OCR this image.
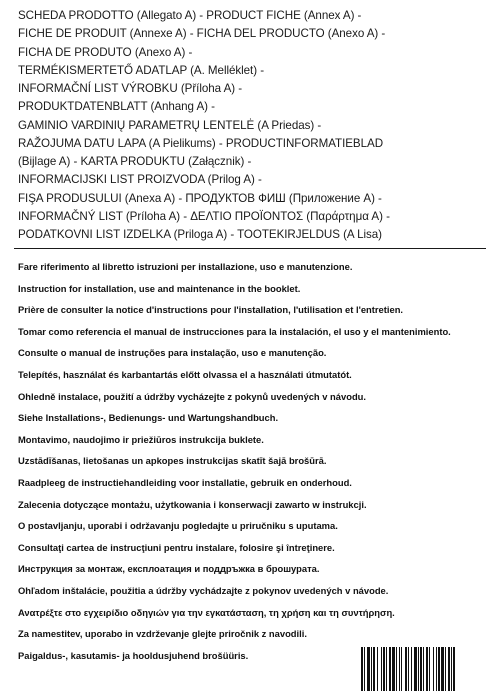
SCHEDA PRODOTTO (Allegato A) - PRODUCT FICHE (Annex A) -
FICHE DE PRODUIT (Annexe A) - FICHA DEL PRODUCTO (Anexo A) -
FICHA DE PRODUTO (Anexo A) -
TERMÉKISMERTETŐ ADATLAP (A. Melléklet) -
INFORMAČNÍ LIST VÝROBKU (Příloha A) -
PRODUKTDATENBLATT (Anhang A) -
GAMINIO VARDINIŲ PARAMETRŲ LENTELĖ (A Priedas) -
RAŽOJUMA DATU LAPA (A Pielikums) - PRODUCTINFORMATIEBLAD
(Bijlage A) - KARTA PRODUKTU (Załącznik) -
INFORMACIJSKI LIST PROIZVODA (Prilog A) -
FIŞA PRODUSULUI (Anexa A) - ПРОДУКТОВ ФИШ (Приложение А) -
INFORMAČNÝ LIST (Príloha A) - ΔΕΛΤΙΟ ΠΡΟΪΟΝΤΟΣ (Παράρτημα Α) -
PODATKOVNI LIST IZDELKA (Priloga A) - TOOTEKIRJELDUS (A Lisa)
Fare riferimento al libretto istruzioni per installazione, uso e manutenzione.
Instruction for installation, use and maintenance in the booklet.
Prière de consulter la notice d'instructions pour l'installation, l'utilisation et l'entretien.
Tomar como referencia el manual de instrucciones para la instalación, el uso y el mantenimiento.
Consulte o manual de instruções para instalação, uso e manutenção.
Telepítés, használat és karbantartás előtt olvassa el a használati útmutatót.
Ohledně instalace, použití a údržby vycházejte z pokynů uvedených v návodu.
Siehe Installations-, Bedienungs- und Wartungshandbuch.
Montavimo, naudojimo ir priežiūros instrukcija buklete.
Uzstādīšanas, lietošanas un apkopes instrukcijas skatīt šajā brošūrā.
Raadpleeg de instructiehandleiding voor installatie, gebruik en onderhoud.
Zalecenia dotyczące montażu, użytkowania i konserwacji zawarto w instrukcji.
O postavljanju, uporabi i održavanju pogledajte u priručniku s uputama.
Consultaţi cartea de instrucţiuni pentru instalare, folosire şi întreţinere.
Инструкция за монтаж, експлоатация и поддръжка в брошурата.
Ohľadom inštalácie, použitia a údržby vychádzajte z pokynov uvedených v návode.
Ανατρέξτε στο εγχειρίδιο οδηγιών για την εγκατάσταση, τη χρήση και τη συντήρηση.
Za namestitev, uporabo in vzdrževanje glejte priročnik z navodili.
Paigaldus-, kasutamis- ja hooldusjuhend brošüüris.
